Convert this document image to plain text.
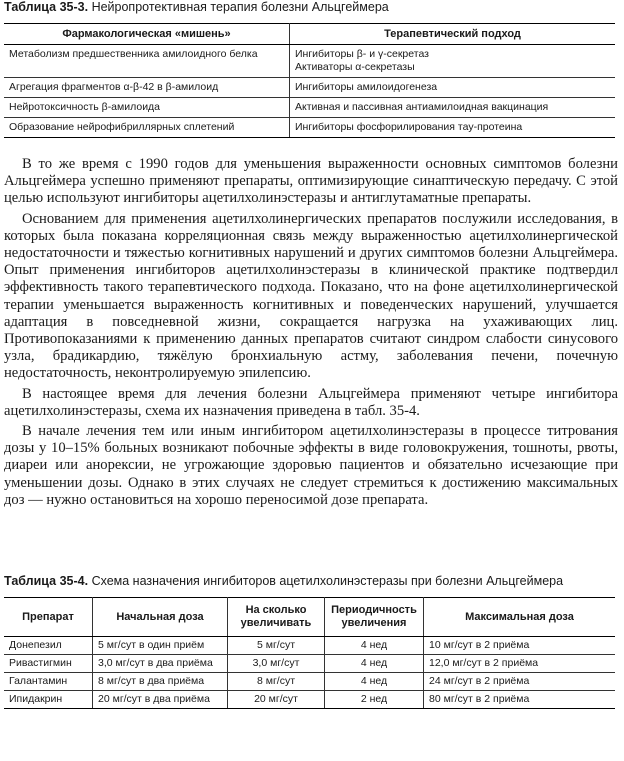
Таблица 35-3. Нейропротективная терапия болезни Альцгеймера
Фармакологическая «мишень»	Терапевтический подход
Метаболизм предшественника амилоидного белка	Ингибиторы β- и γ-секретаз
Активаторы α-секретазы

Агрегация фрагментов α-β-42 в β-амилоид	Ингибиторы амилоидогенеза
Нейротоксичность β-амилоида	Активная и пассивная антиамилоидная вакцинация
Образование нейрофибриллярных сплетений	Ингибиторы фосфорилирования тау-протеина

В то же время с 1990 годов для уменьшения выраженности основных симптомов болезни Альцгеймера успешно применяют препараты, оптимизирующие синаптическую передачу. С этой целью используют ингибиторы ацетилхолинэстеразы и антиглутаматные препараты.

Основанием для применения ацетилхолинергических препаратов послужили исследования, в которых была показана корреляционная связь между выраженностью ацетилхолинергической недостаточности и тяжестью когнитивных нарушений и других симптомов болезни Альцгеймера. Опыт применения ингибиторов ацетилхолинэстеразы в клинической практике подтвердил эффективность такого терапевтического подхода. Показано, что на фоне ацетилхолинергической терапии уменьшается выраженность когнитивных и поведенческих нарушений, улучшается адаптация в повседневной жизни, сокращается нагрузка на ухаживающих лиц. Противопоказаниями к применению данных препаратов считают синдром слабости синусового узла, брадикардию, тяжёлую бронхиальную астму, заболевания печени, почечную недостаточность, неконтролируемую эпилепсию.

В настоящее время для лечения болезни Альцгеймера применяют четыре ингибитора ацетилхолинэстеразы, схема их назначения приведена в табл. 35-4.

В начале лечения тем или иным ингибитором ацетилхолинэстеразы в процессе титрования дозы у 10–15% больных возникают побочные эффекты в виде головокружения, тошноты, рвоты, диареи или анорексии, не угрожающие здоровью пациентов и обязательно исчезающие при уменьшении дозы. Однако в этих случаях не следует стремиться к достижению максимальных доз — нужно остановиться на хорошо переносимой дозе препарата.

Таблица 35-4. Схема назначения ингибиторов ацетилхолинэстеразы при болезни Альцгеймера
Препарат	Начальная доза	На сколько увеличивать	Периодичность увеличения	Максимальная доза
Донепезил	5 мг/сут в один приём	5 мг/сут	4 нед	10 мг/сут в 2 приёма
Ривастигмин	3,0 мг/сут в два приёма	3,0 мг/сут	4 нед	12,0 мг/сут в 2 приёма
Галантамин	8 мг/сут в два приёма	8 мг/сут	4 нед	24 мг/сут в 2 приёма
Ипидакрин	20 мг/сут в два приёма	20 мг/сут	2 нед	80 мг/сут в 2 приёма
